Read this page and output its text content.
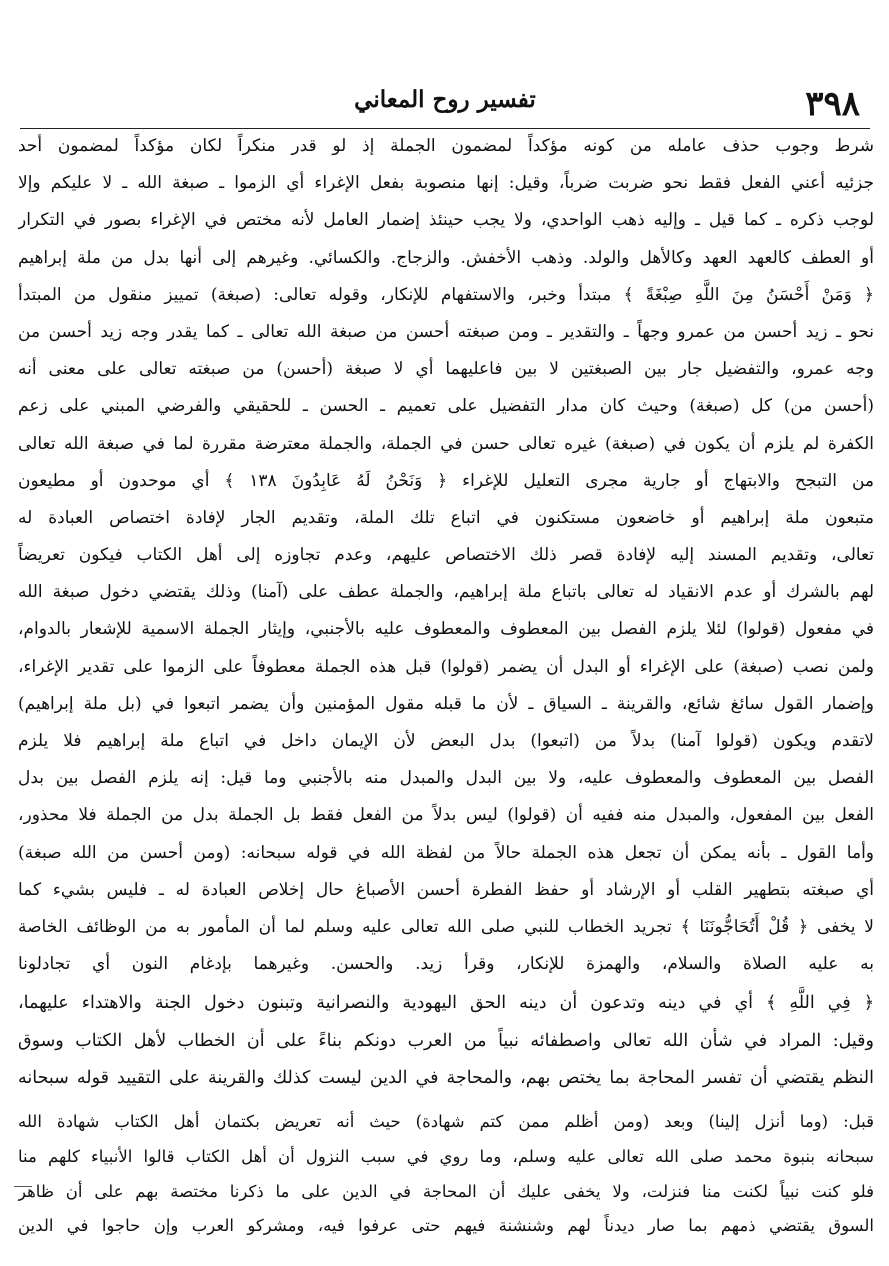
٣٩٨
تفسير روح المعاني
شرط وجوب حذف عامله من كونه مؤكداً لمضمون الجملة إذ لو قدر منكراً لكان مؤكداً لمضمون أحد
جزئيه أعني الفعل فقط نحو ضربت ضرباً، وقيل: إنها منصوبة بفعل الإغراء أي الزموا ـ صبغة الله ـ لا عليكم وإلا
لوجب ذكره ـ كما قيل ـ وإليه ذهب الواحدي، ولا يجب حينئذ إضمار العامل لأنه مختص في الإغراء بصور في التكرار
أو العطف كالعهد العهد وكالأهل والولد. وذهب الأخفش. والزجاج. والكسائي. وغيرهم إلى أنها بدل من ملة إبراهيم
﴿ وَمَنْ أَحْسَنُ مِنَ اللَّهِ صِبْغَةً ﴾ مبتدأ وخبر، والاستفهام للإنكار، وقوله تعالى: (صبغة) تمييز منقول من المبتدأ
نحو ـ زيد أحسن من عمرو وجهاً ـ والتقدير ـ ومن صبغته أحسن من صبغة الله تعالى ـ كما يقدر وجه زيد أحسن من
وجه عمرو، والتفضيل جار بين الصبغتين لا بين فاعليهما أي لا صبغة (أحسن) من صبغته تعالى على معنى أنه
(أحسن من) كل (صبغة) وحيث كان مدار التفضيل على تعميم ـ الحسن ـ للحقيقي والفرضي المبني على زعم
الكفرة لم يلزم أن يكون في (صبغة) غيره تعالى حسن في الجملة، والجملة معترضة مقررة لما في صبغة الله تعالى
من التبجح والابتهاج أو جارية مجرى التعليل للإغراء ﴿ وَنَحْنُ لَهُ عَابِدُونَ ١٣٨ ﴾ أي موحدون أو مطيعون
متبعون ملة إبراهيم أو خاضعون مستكنون في اتباع تلك الملة، وتقديم الجار لإفادة اختصاص العبادة له
تعالى، وتقديم المسند إليه لإفادة قصر ذلك الاختصاص عليهم، وعدم تجاوزه إلى أهل الكتاب فيكون تعريضاً
لهم بالشرك أو عدم الانقياد له تعالى باتباع ملة إبراهيم، والجملة عطف على (آمنا) وذلك يقتضي دخول صبغة الله
في مفعول (قولوا) لئلا يلزم الفصل بين المعطوف والمعطوف عليه بالأجنبي، وإيثار الجملة الاسمية للإشعار بالدوام،
ولمن نصب (صبغة) على الإغراء أو البدل أن يضمر (قولوا) قبل هذه الجملة معطوفاً على الزموا على تقدير الإغراء،
وإضمار القول سائغ شائع، والقرينة ـ السياق ـ لأن ما قبله مقول المؤمنين وأن يضمر اتبعوا في (بل ملة إبراهيم)
لاتقدم ويكون (قولوا آمنا) بدلاً من (اتبعوا) بدل البعض لأن الإيمان داخل في اتباع ملة إبراهيم فلا يلزم
الفصل بين المعطوف والمعطوف عليه، ولا بين البدل والمبدل منه بالأجنبي وما قيل: إنه يلزم الفصل بين بدل
الفعل بين المفعول، والمبدل منه ففيه أن (قولوا) ليس بدلاً من الفعل فقط بل الجملة بدل من الجملة فلا محذور،
وأما القول ـ بأنه يمكن أن تجعل هذه الجملة حالاً من لفظة الله في قوله سبحانه: (ومن أحسن من الله صبغة)
أي صبغته بتطهير القلب أو الإرشاد أو حفظ الفطرة أحسن الأصباغ حال إخلاص العبادة له ـ فليس بشيء كما
لا يخفى ﴿ قُلْ أَتُحَاجُّونَنَا ﴾ تجريد الخطاب للنبي صلى الله تعالى عليه وسلم لما أن المأمور به من الوظائف الخاصة
به عليه الصلاة والسلام، والهمزة للإنكار، وقرأ زيد. والحسن. وغيرهما بإدغام النون أي تجادلونا
﴿ فِي اللَّهِ ﴾ أي في دينه وتدعون أن دينه الحق اليهودية والنصرانية وتبنون دخول الجنة والاهتداء عليهما،
وقيل: المراد في شأن الله تعالى واصطفائه نبياً من العرب دونكم بناءً على أن الخطاب لأهل الكتاب وسوق
النظم يقتضي أن تفسر المحاجة بما يختص بهم، والمحاجة في الدين ليست كذلك والقرينة على التقييد قوله سبحانه
قبل: (وما أنزل إلينا) وبعد (ومن أظلم ممن كتم شهادة) حيث أنه تعريض بكتمان أهل الكتاب شهادة الله
سبحانه بنبوة محمد صلى الله تعالى عليه وسلم، وما روي في سبب النزول أن أهل الكتاب قالوا الأنبياء كلهم منا
فلو كنت نبياً لكنت منا فنزلت، ولا يخفى عليك أن المحاجة في الدين على ما ذكرنا مختصة بهم على أن ظاهر
السوق يقتضي ذمهم بما صار ديدناً لهم وشنشنة فيهم حتى عرفوا فيه، ومشركو العرب وإن حاجوا في الدين
